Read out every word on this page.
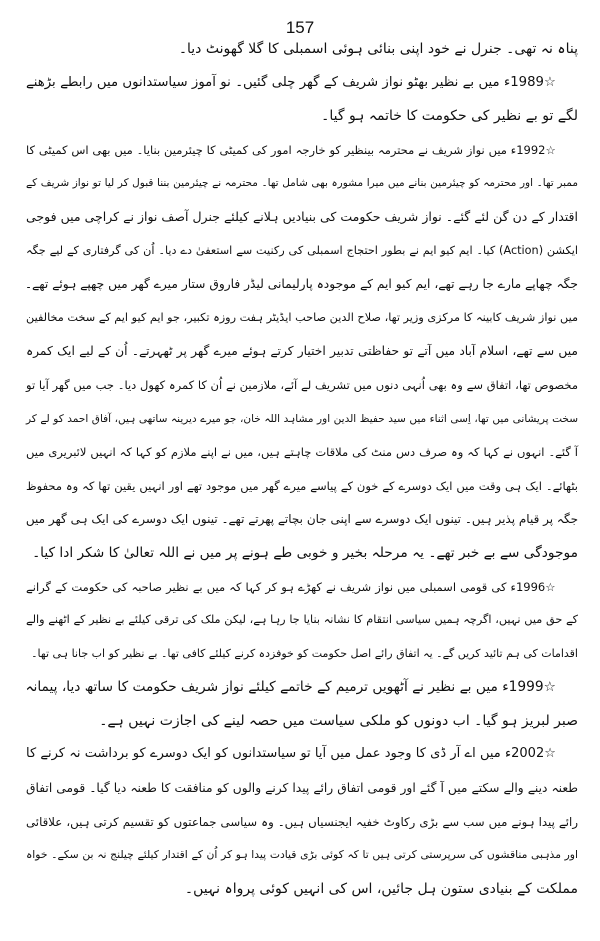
157
پناہ نہ تھی۔ جنرل نے خود اپنی بنائی ہوئی اسمبلی کا گلا گھونٹ دیا۔
☆1989ء میں بے نظیر بھٹو نواز شریف کے گھر چلی گئیں۔ نو آموز سیاستدانوں میں رابطے بڑھنے
لگے تو بے نظیر کی حکومت کا خاتمہ ہو گیا۔
☆1992ء میں نواز شریف نے محترمہ بینظیر کو خارجہ امور کی کمیٹی کا چیئرمین بنایا۔ میں بھی اس کمیٹی کا
ممبر تھا۔ اور محترمہ کو چیئرمین بنانے میں میرا مشورہ بھی شامل تھا۔ محترمہ نے چیئرمین بننا قبول کر لیا تو نواز شریف کے
اقتدار کے دن گن لئے گئے۔ نواز شریف حکومت کی بنیادیں ہلانے کیلئے جنرل آصف نواز نے کراچی میں فوجی
ایکشن (Action) کیا۔ ایم کیو ایم نے بطور احتجاج اسمبلی کی رکنیت سے استعفیٰ دے دیا۔ اُن کی گرفتاری کے لیے جگہ
جگہ چھاپے مارے جا رہے تھے، ایم کیو ایم کے موجودہ پارلیمانی لیڈر فاروق ستار میرے گھر میں چھپے ہوئے تھے۔
میں نواز شریف کابینہ کا مرکزی وزیر تھا، صلاح الدین صاحب ایڈیٹر ہفت روزہ تکبیر، جو ایم کیو ایم کے سخت مخالفین
میں سے تھے، اسلام آباد میں آتے تو حفاظتی تدبیر اختیار کرتے ہوئے میرے گھر پر ٹھہرتے۔ اُن کے لیے ایک کمرہ
مخصوص تھا، اتفاق سے وہ بھی اُنہی دنوں میں تشریف لے آئے، ملازمین نے اُن کا کمرہ کھول دیا۔ جب میں گھر آیا تو
سخت پریشانی میں تھا، اِسی اثناء میں سید حفیظ الدین اور مشاہد اللہ خان، جو میرے دیرینہ ساتھی ہیں، آفاق احمد کو لے کر
آ گئے۔ انہوں نے کہا کہ وہ صرف دس منٹ کی ملاقات چاہتے ہیں، میں نے اپنے ملازم کو کہا کہ انہیں لائبریری میں
بٹھائے۔ ایک ہی وقت میں ایک دوسرے کے خون کے پیاسے میرے گھر میں موجود تھے اور انہیں یقین تھا کہ وہ محفوظ
جگہ پر قیام پذیر ہیں۔ تینوں ایک دوسرے سے اپنی جان بچاتے پھرتے تھے۔ تینوں ایک دوسرے کی ایک ہی گھر میں
موجودگی سے بے خبر تھے۔ یہ مرحلہ بخیر و خوبی طے ہونے پر میں نے اللہ تعالیٰ کا شکر ادا کیا۔
☆1996ء کی قومی اسمبلی میں نواز شریف نے کھڑے ہو کر کہا کہ میں بے نظیر صاحبہ کی حکومت کے گرانے
کے حق میں نہیں، اگرچہ ہمیں سیاسی انتقام کا نشانہ بنایا جا رہا ہے، لیکن ملک کی ترقی کیلئے بے نظیر کے اٹھنے والے
اقدامات کی ہم تائید کریں گے۔ یہ اتفاق رائے اصل حکومت کو خوفزدہ کرنے کیلئے کافی تھا۔ بے نظیر کو اب جانا ہی تھا۔
☆1999ء میں بے نظیر نے آٹھویں ترمیم کے خاتمے کیلئے نواز شریف حکومت کا ساتھ دیا، پیمانہ
صبر لبریز ہو گیا۔ اب دونوں کو ملکی سیاست میں حصہ لینے کی اجازت نہیں ہے۔
☆2002ء میں اے آر ڈی کا وجود عمل میں آیا تو سیاستدانوں کو ایک دوسرے کو برداشت نہ کرنے کا
طعنہ دینے والے سکتے میں آ گئے اور قومی اتفاق رائے پیدا کرنے والوں کو منافقت کا طعنہ دیا گیا۔ قومی اتفاق
رائے پیدا ہونے میں سب سے بڑی رکاوٹ خفیہ ایجنسیاں ہیں۔ وہ سیاسی جماعتوں کو تقسیم کرتی ہیں، علاقائی
اور مذہبی مناقشوں کی سرپرستی کرتی ہیں تا کہ کوئی بڑی قیادت پیدا ہو کر اُن کے اقتدار کیلئے چیلنج نہ بن سکے۔ خواہ
مملکت کے بنیادی ستون ہل جائیں، اس کی انہیں کوئی پرواہ نہیں۔
